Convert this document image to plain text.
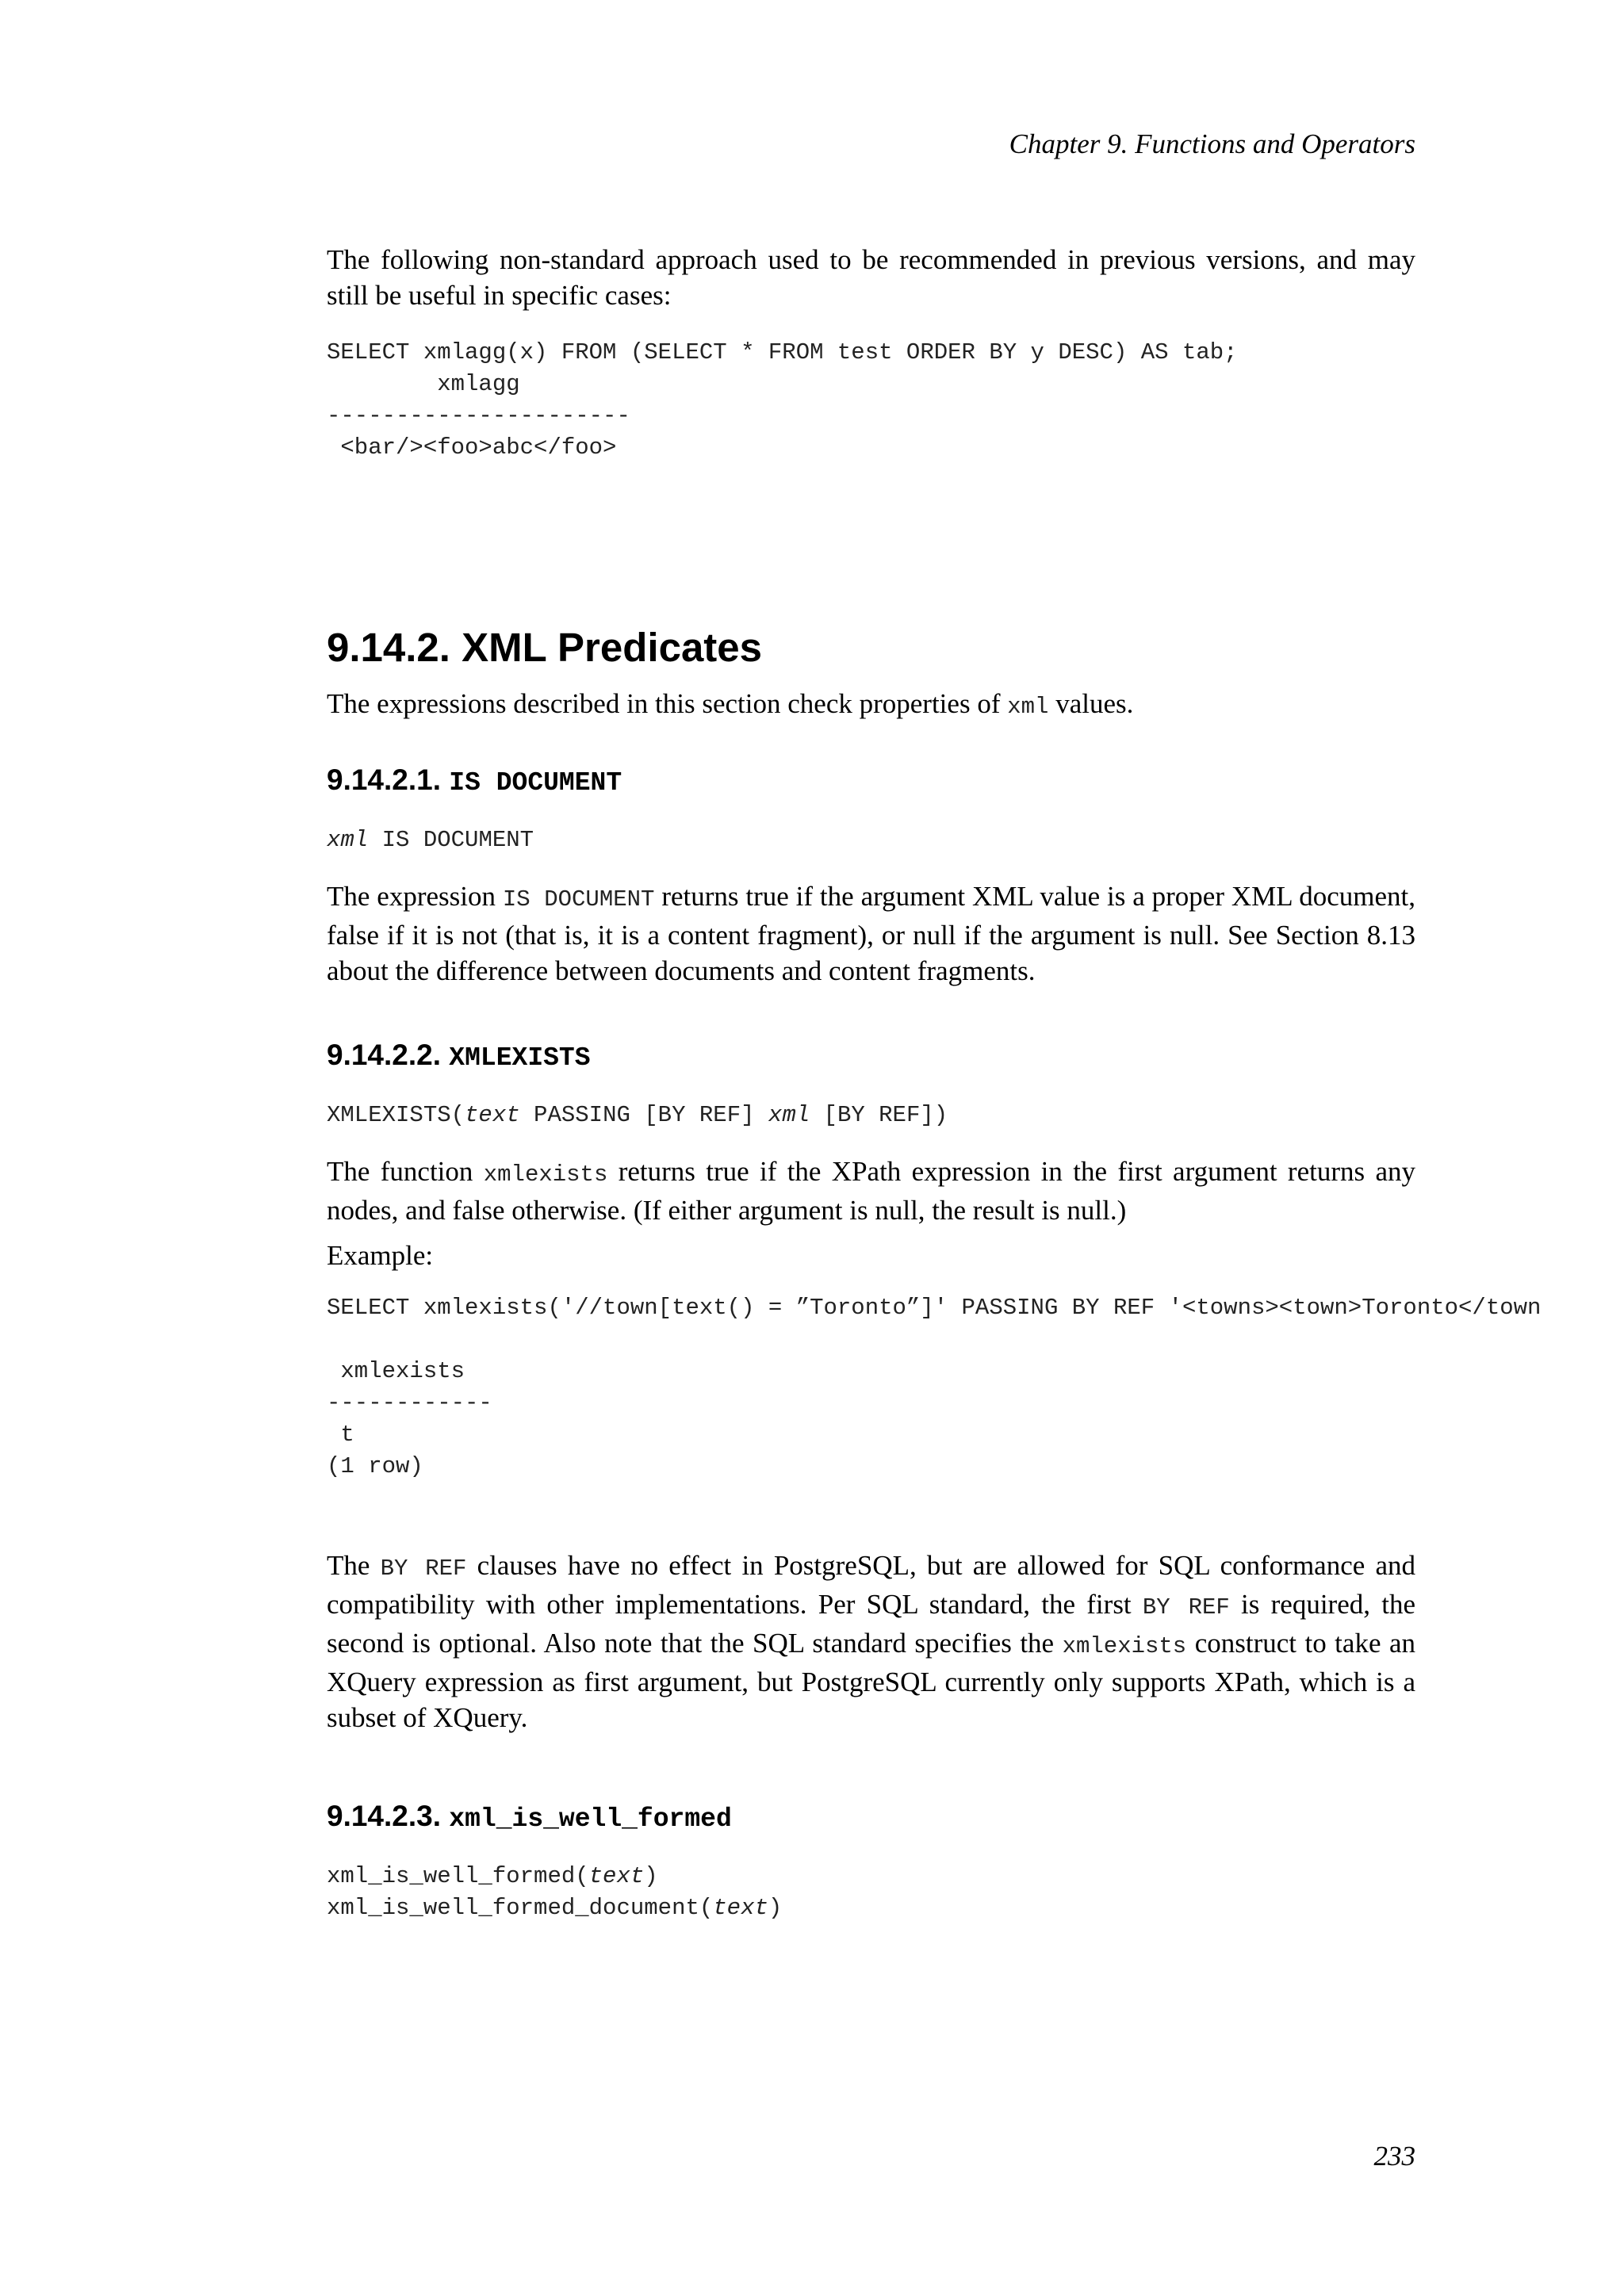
Chapter 9. Functions and Operators

The following non-standard approach used to be recommended in previous versions, and may still be useful in specific cases:

SELECT xmlagg(x) FROM (SELECT * FROM test ORDER BY y DESC) AS tab;
xmlagg
----------------------
<bar/><foo>abc</foo>
9.14.2. XML Predicates

The expressions described in this section check properties of xml values.

9.14.2.1. IS DOCUMENT
xml IS DOCUMENT

The expression IS DOCUMENT returns true if the argument XML value is a proper XML document, false if it is not (that is, it is a content fragment), or null if the argument is null. See Section 8.13 about the difference between documents and content fragments.

9.14.2.2. XMLEXISTS
XMLEXISTS(text PASSING [BY REF] xml [BY REF])

The function xmlexists returns true if the XPath expression in the first argument returns any nodes, and false otherwise. (If either argument is null, the result is null.)

Example:

SELECT xmlexists('//town[text() = ”Toronto”]' PASSING BY REF '<towns><town>Toronto</town

xmlexists
------------
t
(1 row)

The BY REF clauses have no effect in PostgreSQL, but are allowed for SQL conformance and compatibility with other implementations. Per SQL standard, the first BY REF is required, the second is optional. Also note that the SQL standard specifies the xmlexists construct to take an XQuery expression as first argument, but PostgreSQL currently only supports XPath, which is a subset of XQuery.

9.14.2.3. xml_is_well_formed
xml_is_well_formed(text)
xml_is_well_formed_document(text)
233
